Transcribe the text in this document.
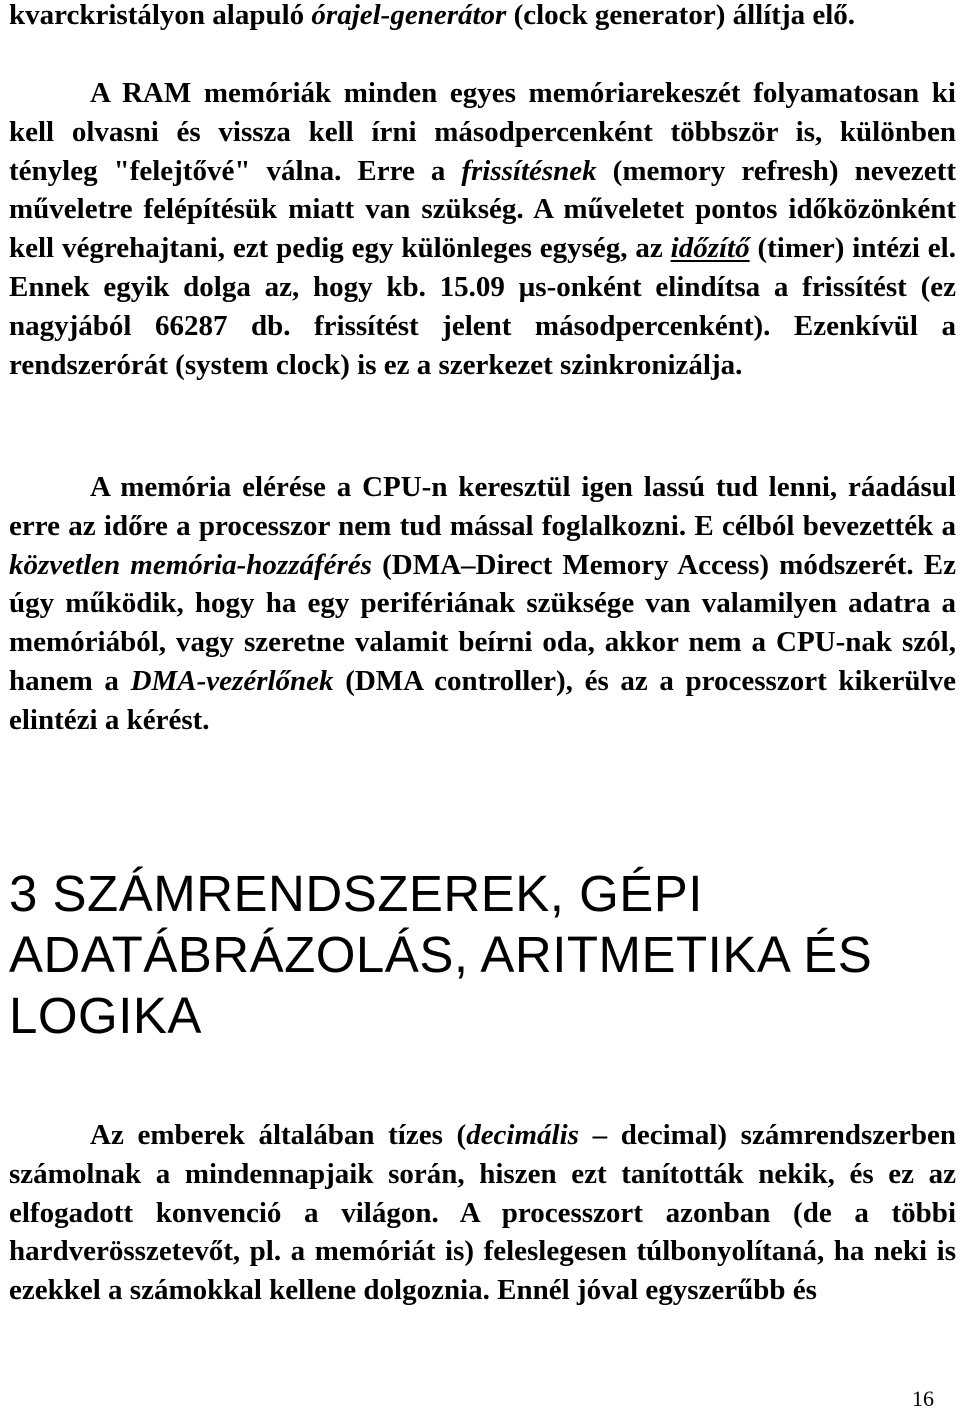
kvarckristályon alapuló órajel-generátor (clock generator) állítja elő.

A RAM memóriák minden egyes memóriarekeszét folyamatosan ki kell olvasni és vissza kell írni másodpercenként többször is, különben tényleg "felejtővé" válna. Erre a frissítésnek (memory refresh) nevezett műveletre felépítésük miatt van szükség. A műveletet pontos időközönként kell végrehajtani, ezt pedig egy különleges egység, az időzítő (timer) intézi el. Ennek egyik dolga az, hogy kb. 15.09 µs-onként elindítsa a frissítést (ez nagyjából 66287 db. frissítést jelent másodpercenként). Ezenkívül a rendszerórát (system clock) is ez a szerkezet szinkronizálja.

A memória elérése a CPU-n keresztül igen lassú tud lenni, ráadásul erre az időre a processzor nem tud mással foglalkozni. E célból bevezették a közvetlen memória-hozzáférés (DMA–Direct Memory Access) módszerét. Ez úgy működik, hogy ha egy perifériának szüksége van valamilyen adatra a memóriából, vagy szeretne valamit beírni oda, akkor nem a CPU-nak szól, hanem a DMA-vezérlőnek (DMA controller), és az a processzort kikerülve elintézi a kérést.

3 SZÁMRENDSZEREK, GÉPI
ADATÁBRÁZOLÁS, ARITMETIKA ÉS
LOGIKA

Az emberek általában tízes (decimális – decimal) számrendszerben számolnak a mindennapjaik során, hiszen ezt tanították nekik, és ez az elfogadott konvenció a világon. A processzort azonban (de a többi hardverösszetevőt, pl. a memóriát is) feleslegesen túlbonyolítaná, ha neki is ezekkel a számokkal kellene dolgoznia. Ennél jóval egyszerűbb és

16
